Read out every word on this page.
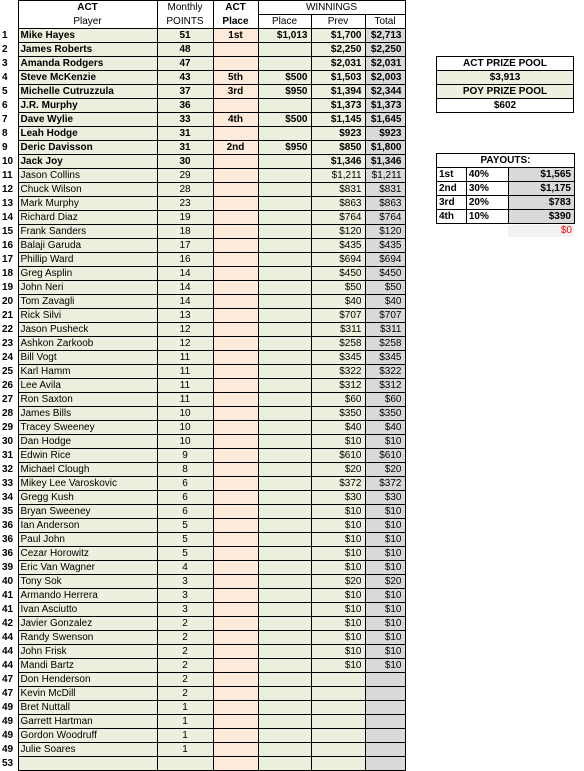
	ACT	Monthly	ACT	WINNINGS		
	Player	POINTS	Place	Place	Prev	Total
1	Mike Hayes	51	1st	$1,013	$1,700	$2,713
2	James Roberts	48			$2,250	$2,250
3	Amanda Rodgers	47			$2,031	$2,031
4	Steve McKenzie	43	5th	$500	$1,503	$2,003
5	Michelle Cutruzzula	37	3rd	$950	$1,394	$2,344
6	J.R. Murphy	36			$1,373	$1,373
7	Dave Wylie	33	4th	$500	$1,145	$1,645
8	Leah Hodge	31			$923	$923
9	Deric Davisson	31	2nd	$950	$850	$1,800
10	Jack Joy	30			$1,346	$1,346
11	Jason Collins	29			$1,211	$1,211
12	Chuck Wilson	28			$831	$831
13	Mark Murphy	23			$863	$863
14	Richard Diaz	19			$764	$764
15	Frank Sanders	18			$120	$120
16	Balaji Garuda	17			$435	$435
17	Phillip Ward	16			$694	$694
18	Greg Asplin	14			$450	$450
19	John Neri	14			$50	$50
20	Tom Zavagli	14			$40	$40
21	Rick Silvi	13			$707	$707
22	Jason Pusheck	12			$311	$311
23	Ashkon Zarkoob	12			$258	$258
24	Bill Vogt	11			$345	$345
25	Karl Hamm	11			$322	$322
26	Lee Avila	11			$312	$312
27	Ron Saxton	11			$60	$60
28	James Bills	10			$350	$350
29	Tracey Sweeney	10			$40	$40
30	Dan Hodge	10			$10	$10
31	Edwin Rice	9			$610	$610
32	Michael Clough	8			$20	$20
33	Mikey Lee Varoskovic	6			$372	$372
34	Gregg Kush	6			$30	$30
35	Bryan Sweeney	6			$10	$10
36	Ian Anderson	5			$10	$10
36	Paul John	5			$10	$10
36	Cezar Horowitz	5			$10	$10
39	Eric Van Wagner	4			$10	$10
40	Tony Sok	3			$20	$20
41	Armando Herrera	3			$10	$10
41	Ivan Asciutto	3			$10	$10
42	Javier Gonzalez	2			$10	$10
44	Randy Swenson	2			$10	$10
44	John Frisk	2			$10	$10
44	Mandi Bartz	2			$10	$10
47	Don Henderson	2				
47	Kevin McDill	2				
49	Bret Nuttall	1				
49	Garrett Hartman	1				
49	Gordon Woodruff	1				
49	Julie Soares	1				
53						
ACT PRIZE POOL
$3,913
POY PRIZE POOL
$602
PAYOUTS:		
1st	40%	$1,565
2nd	30%	$1,175
3rd	20%	$783
4th	10%	$390
$0
